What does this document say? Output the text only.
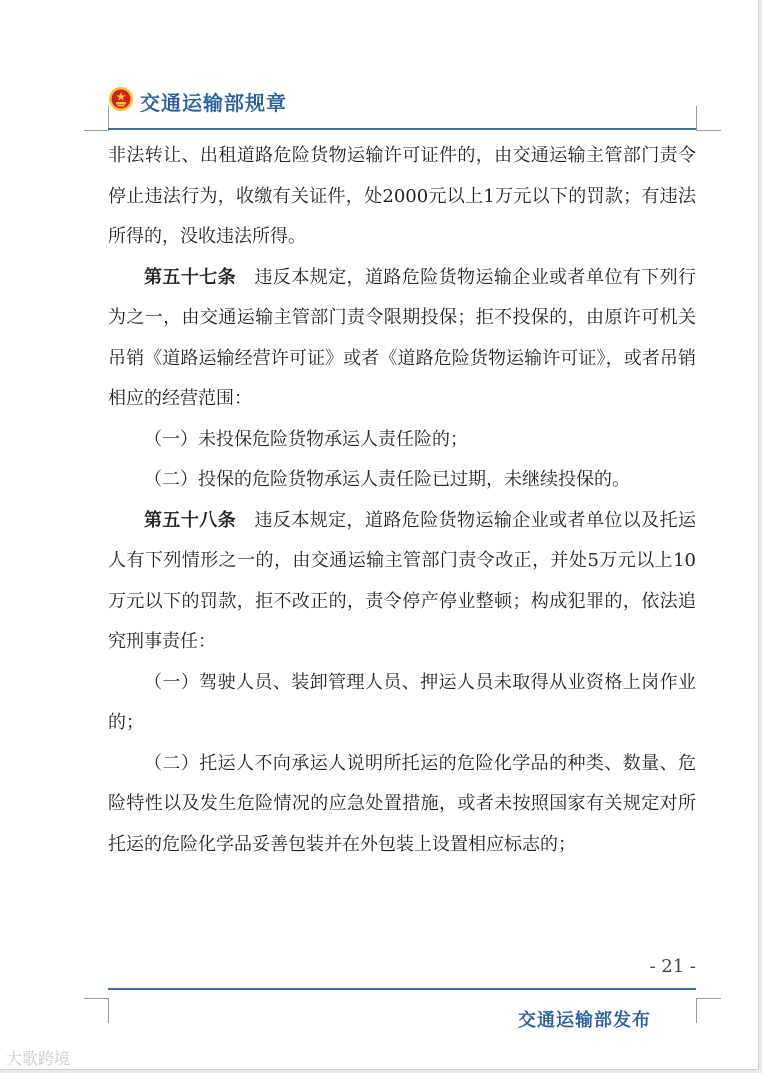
交通运输部规章

非法转让、出租道路危险货物运输许可证件的，由交通运输主管部门责令停止违法行为，收缴有关证件，处2000元以上1万元以下的罚款；有违法所得的，没收违法所得。

第五十七条　违反本规定，道路危险货物运输企业或者单位有下列行为之一，由交通运输主管部门责令限期投保；拒不投保的，由原许可机关吊销《道路运输经营许可证》或者《道路危险货物运输许可证》，或者吊销相应的经营范围：

（一）未投保危险货物承运人责任险的；

（二）投保的危险货物承运人责任险已过期，未继续投保的。

第五十八条　违反本规定，道路危险货物运输企业或者单位以及托运人有下列情形之一的，由交通运输主管部门责令改正，并处5万元以上10万元以下的罚款，拒不改正的，责令停产停业整顿；构成犯罪的，依法追究刑事责任：

（一）驾驶人员、装卸管理人员、押运人员未取得从业资格上岗作业的；

（二）托运人不向承运人说明所托运的危险化学品的种类、数量、危险特性以及发生危险情况的应急处置措施，或者未按照国家有关规定对所托运的危险化学品妥善包装并在外包装上设置相应标志的；

- 21 -
交通运输部发布
大歌跨境
